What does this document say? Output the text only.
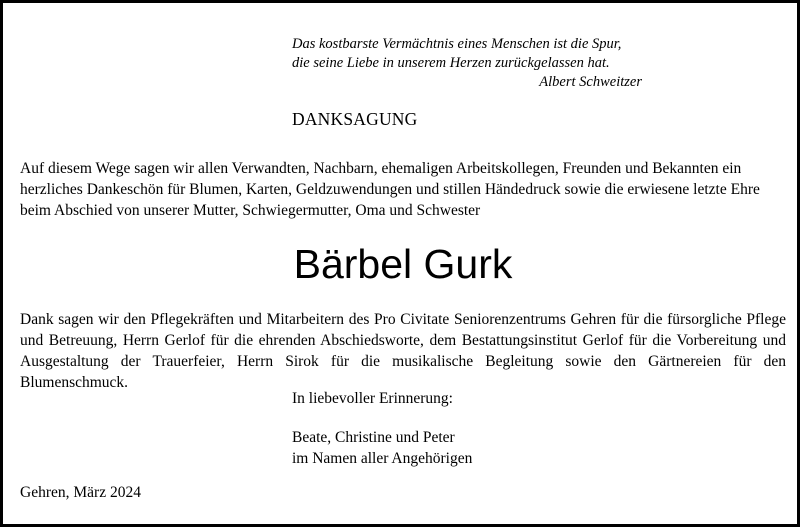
Das kostbarste Vermächtnis eines Menschen ist die Spur,
die seine Liebe in unserem Herzen zurückgelassen hat.
Albert Schweitzer
DANKSAGUNG
Auf diesem Wege sagen wir allen Verwandten, Nachbarn, ehemaligen Arbeitskollegen, Freunden und Bekannten ein herzliches Dankeschön für Blumen, Karten, Geldzuwendungen und stillen Händedruck sowie die erwiesene letzte Ehre beim Abschied von unserer Mutter, Schwiegermutter, Oma und Schwester
Bärbel Gurk
Dank sagen wir den Pflegekräften und Mitarbeitern des Pro Civitate Seniorenzentrums Gehren für die fürsorgliche Pflege und Betreuung, Herrn Gerlof für die ehrenden Abschiedsworte, dem Bestattungsinstitut Gerlof für die Vorbereitung und Ausgestaltung der Trauerfeier, Herrn Sirok für die musikalische Begleitung sowie den Gärtnereien für den Blumenschmuck.
In liebevoller Erinnerung:
Beate, Christine und Peter
im Namen aller Angehörigen
Gehren, März 2024
